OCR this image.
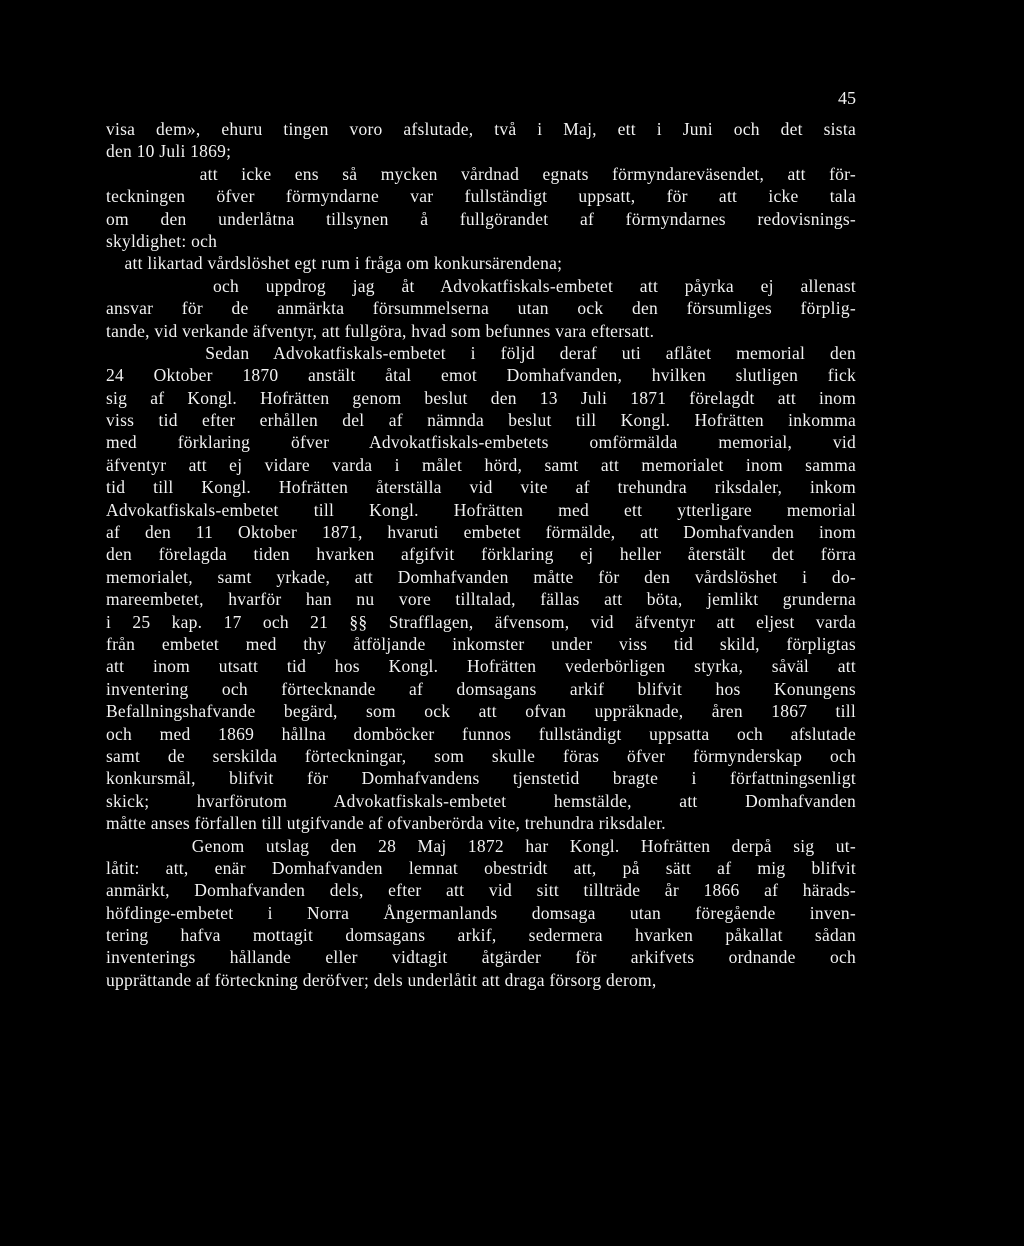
45
visa dem», ehuru tingen voro afslutade, två i Maj, ett i Juni och det sista
den 10 Juli 1869;
att icke ens så mycken vårdnad egnats förmyndareväsendet, att för-
teckningen öfver förmyndarne var fullständigt uppsatt, för att icke tala
om den underlåtna tillsynen å fullgörandet af förmyndarnes redovisnings-
skyldighet: och
att likartad vårdslöshet egt rum i fråga om konkursärendena;
och uppdrog jag åt Advokatfiskals-embetet att påyrka ej allenast
ansvar för de anmärkta försummelserna utan ock den försumliges förplig-
tande, vid verkande äfventyr, att fullgöra, hvad som befunnes vara eftersatt.
Sedan Advokatfiskals-embetet i följd deraf uti aflåtet memorial den
24 Oktober 1870 anstält åtal emot Domhafvanden, hvilken slutligen fick
sig af Kongl. Hofrätten genom beslut den 13 Juli 1871 förelagdt att inom
viss tid efter erhållen del af nämnda beslut till Kongl. Hofrätten inkomma
med förklaring öfver Advokatfiskals-embetets omförmälda memorial, vid
äfventyr att ej vidare varda i målet hörd, samt att memorialet inom samma
tid till Kongl. Hofrätten återställa vid vite af trehundra riksdaler, inkom
Advokatfiskals-embetet till Kongl. Hofrätten med ett ytterligare memorial
af den 11 Oktober 1871, hvaruti embetet förmälde, att Domhafvanden inom
den förelagda tiden hvarken afgifvit förklaring ej heller återstält det förra
memorialet, samt yrkade, att Domhafvanden måtte för den vårdslöshet i do-
mareembetet, hvarför han nu vore tilltalad, fällas att böta, jemlikt grunderna
i 25 kap. 17 och 21 §§ Strafflagen, äfvensom, vid äfventyr att eljest varda
från embetet med thy åtföljande inkomster under viss tid skild, förpligtas
att inom utsatt tid hos Kongl. Hofrätten vederbörligen styrka, såväl att
inventering och förtecknande af domsagans arkif blifvit hos Konungens
Befallningshafvande begärd, som ock att ofvan uppräknade, åren 1867 till
och med 1869 hållna domböcker funnos fullständigt uppsatta och afslutade
samt de serskilda förteckningar, som skulle föras öfver förmynderskap och
konkursmål, blifvit för Domhafvandens tjenstetid bragte i författningsenligt
skick; hvarförutom Advokatfiskals-embetet hemstälde, att Domhafvanden
måtte anses förfallen till utgifvande af ofvanberörda vite, trehundra riksdaler.
Genom utslag den 28 Maj 1872 har Kongl. Hofrätten derpå sig ut-
låtit: att, enär Domhafvanden lemnat obestridt att, på sätt af mig blifvit
anmärkt, Domhafvanden dels, efter att vid sitt tillträde år 1866 af härads-
höfdinge-embetet i Norra Ångermanlands domsaga utan föregående inven-
tering hafva mottagit domsagans arkif, sedermera hvarken påkallat sådan
inventerings hållande eller vidtagit åtgärder för arkifvets ordnande och
upprättande af förteckning deröfver; dels underlåtit att draga försorg derom,
